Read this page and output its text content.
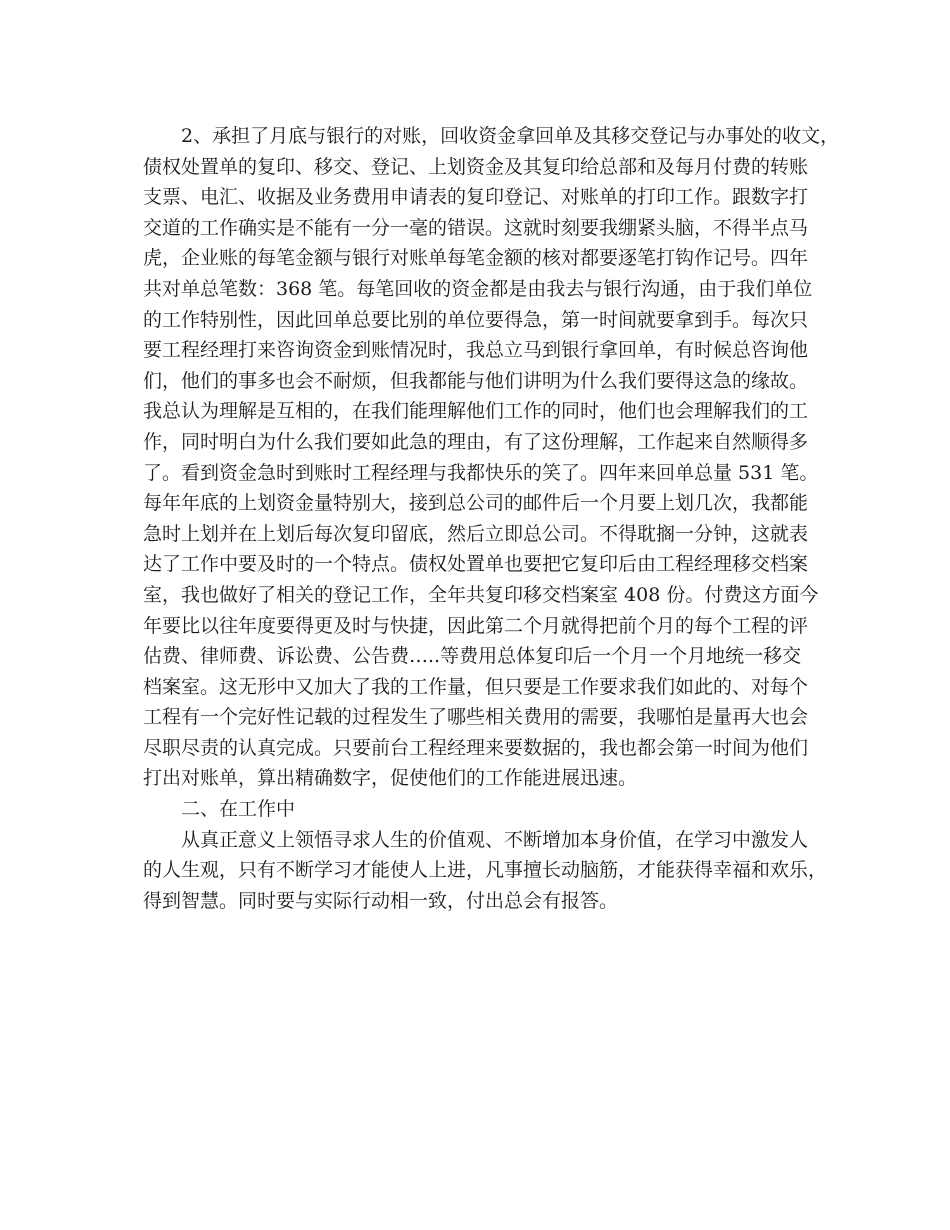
2、承担了月底与银行的对账，回收资金拿回单及其移交登记与办事处的收文，
债权处置单的复印、移交、登记、上划资金及其复印给总部和及每月付费的转账
支票、电汇、收据及业务费用申请表的复印登记、对账单的打印工作。跟数字打
交道的工作确实是不能有一分一毫的错误。这就时刻要我绷紧头脑，不得半点马
虎，企业账的每笔金额与银行对账单每笔金额的核对都要逐笔打钩作记号。四年
共对单总笔数：368 笔。每笔回收的资金都是由我去与银行沟通，由于我们单位
的工作特别性，因此回单总要比别的单位要得急，第一时间就要拿到手。每次只
要工程经理打来咨询资金到账情况时，我总立马到银行拿回单，有时候总咨询他
们，他们的事多也会不耐烦，但我都能与他们讲明为什么我们要得这急的缘故。
我总认为理解是互相的，在我们能理解他们工作的同时，他们也会理解我们的工
作，同时明白为什么我们要如此急的理由，有了这份理解，工作起来自然顺得多
了。看到资金急时到账时工程经理与我都快乐的笑了。四年来回单总量 531 笔。
每年年底的上划资金量特别大，接到总公司的邮件后一个月要上划几次，我都能
急时上划并在上划后每次复印留底，然后立即总公司。不得耽搁一分钟，这就表
达了工作中要及时的一个特点。债权处置单也要把它复印后由工程经理移交档案
室，我也做好了相关的登记工作，全年共复印移交档案室 408 份。付费这方面今
年要比以往年度要得更及时与快捷，因此第二个月就得把前个月的每个工程的评
估费、律师费、诉讼费、公告费…..等费用总体复印后一个月一个月地统一移交
档案室。这无形中又加大了我的工作量，但只要是工作要求我们如此的、对每个
工程有一个完好性记载的过程发生了哪些相关费用的需要，我哪怕是量再大也会
尽职尽责的认真完成。只要前台工程经理来要数据的，我也都会第一时间为他们
打出对账单，算出精确数字，促使他们的工作能进展迅速。
二、在工作中
从真正意义上领悟寻求人生的价值观、不断增加本身价值，在学习中激发人
的人生观，只有不断学习才能使人上进，凡事擅长动脑筋，才能获得幸福和欢乐，
得到智慧。同时要与实际行动相一致，付出总会有报答。
